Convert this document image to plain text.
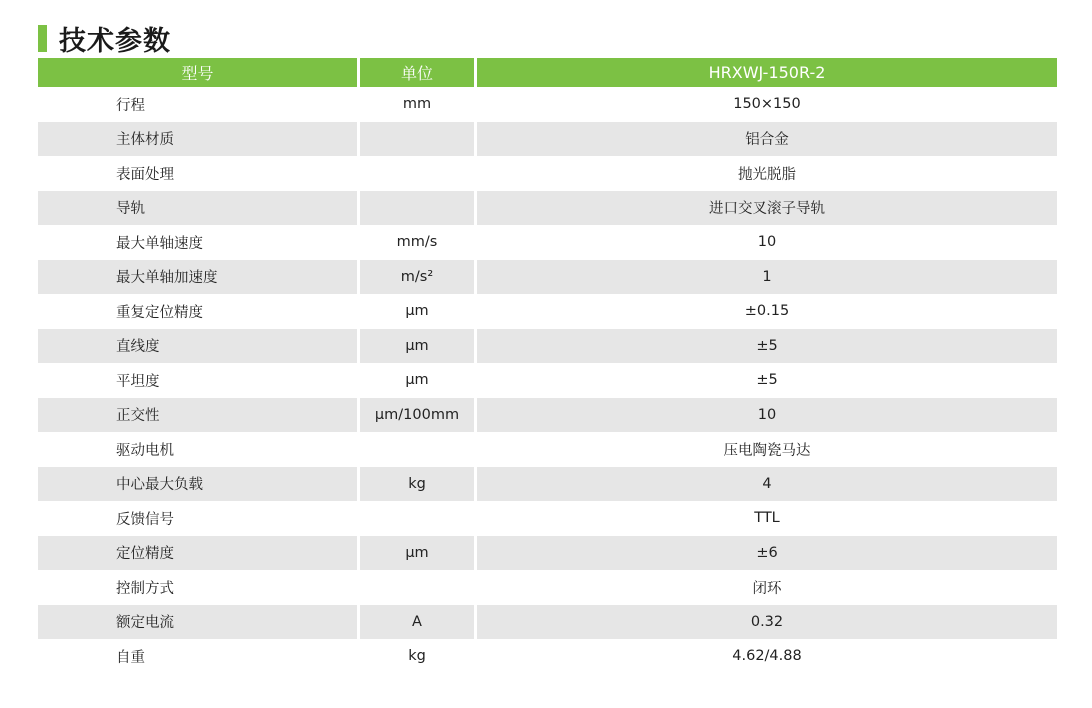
技术参数
型号	单位	HRXWJ-150R-2
行程	mm	150×150
主体材质		铝合金
表面处理		抛光脱脂
导轨		进口交叉滚子导轨
最大单轴速度	mm/s	10
最大单轴加速度	m/s²	1
重复定位精度	μm	±0.15
直线度	μm	±5
平坦度	μm	±5
正交性	μm/100mm	10
驱动电机		压电陶瓷马达
中心最大负载	kg	4
反馈信号		TTL
定位精度	μm	±6
控制方式		闭环
额定电流	A	0.32
自重	kg	4.62/4.88
